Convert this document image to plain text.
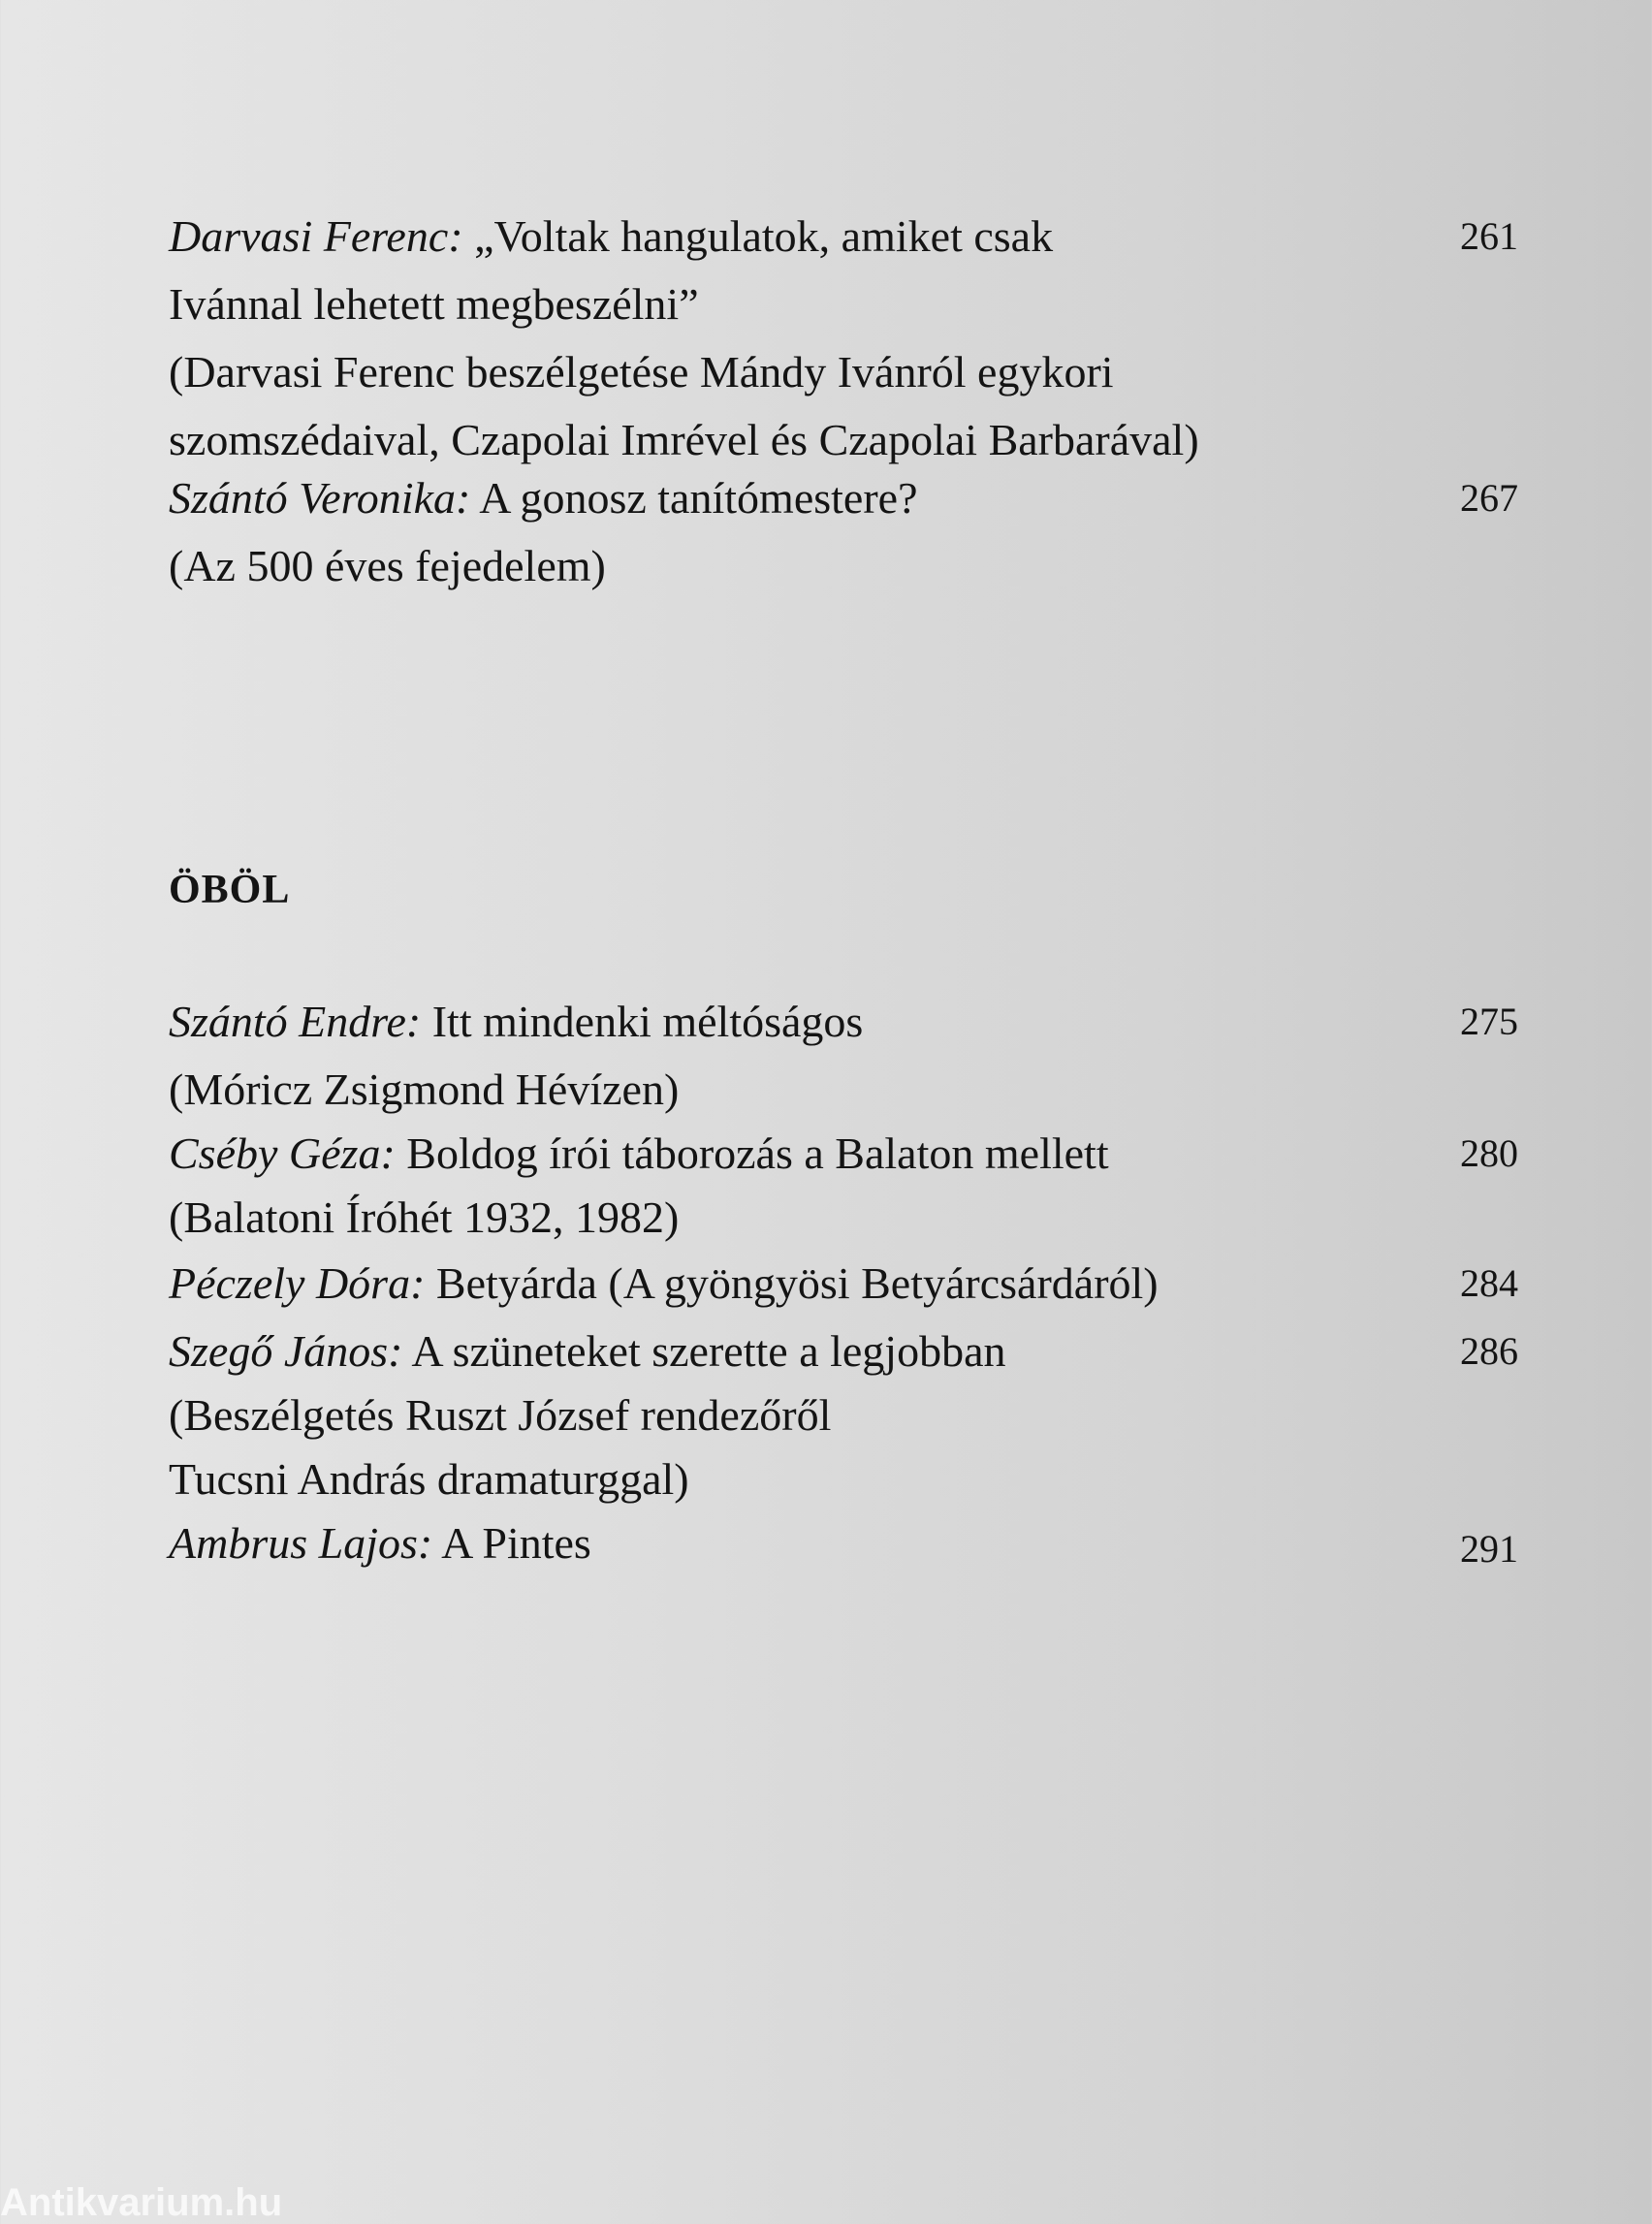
Darvasi Ferenc: „Voltak hangulatok, amiket csak	261
Ivánnal lehetett megbeszélni”
(Darvasi Ferenc beszélgetése Mándy Ivánról egykori
szomszédaival, Czapolai Imrével és Czapolai Barbarával)
Szántó Veronika: A gonosz tanítómestere?	267
(Az 500 éves fejedelem)
ÖBÖL
Szántó Endre: Itt mindenki méltóságos	275
(Móricz Zsigmond Hévízen)
Cséby Géza: Boldog írói táborozás a Balaton mellett	280
(Balatoni Íróhét 1932, 1982)
Péczely Dóra: Betyárda (A gyöngyösi Betyárcsárdáról)	284
Szegő János: A szüneteket szerette a legjobban	286
(Beszélgetés Ruszt József rendezőről
Tucsni András dramaturggal)
Ambrus Lajos: A Pintes	291
Antikvarium.hu
